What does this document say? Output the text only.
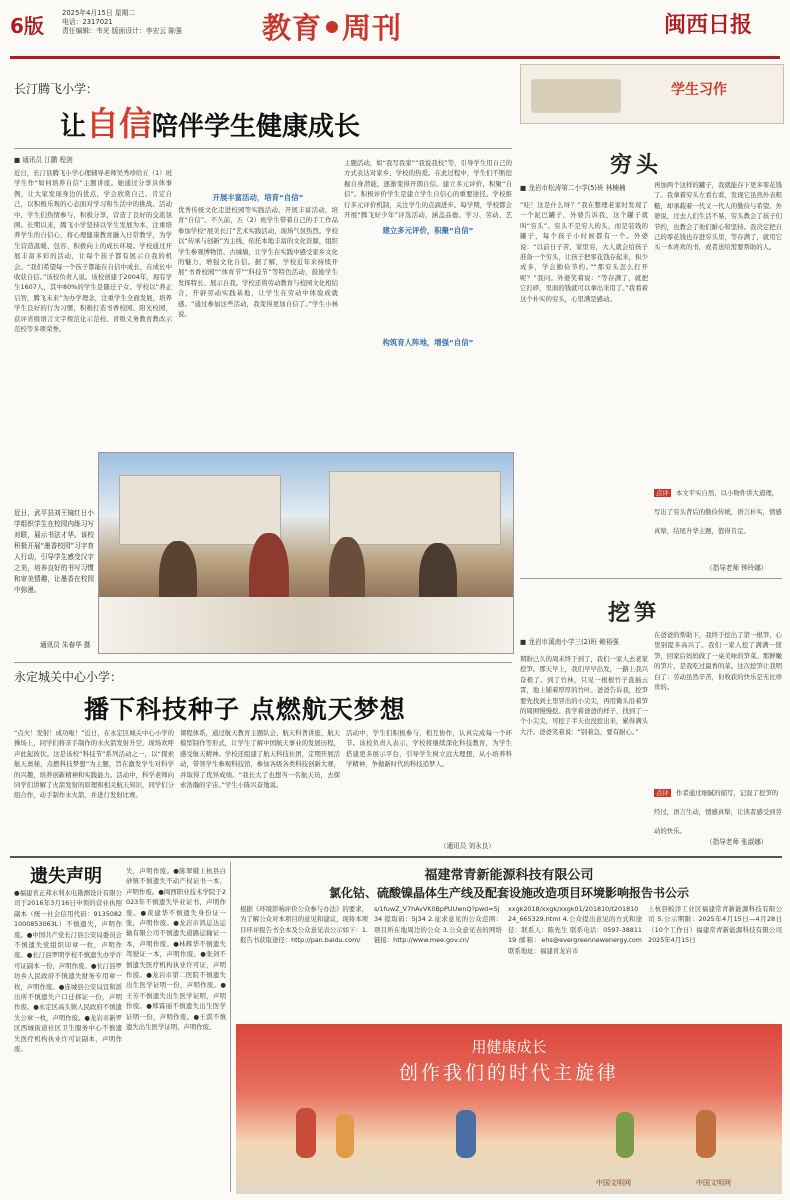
6版
2025年4月15日 星期二
电话：2317021
责任编辑：韦光 版面设计：李宏云 陈强	教育 周刊	闽西日报
长汀腾飞小学：
让自信陪伴学生健康成长
■ 通讯员 江鹏 程剑
近日，长汀县腾飞小学心理辅导老师吴秀珍给五（1）班学生作“如何培养自信”主题讲座。她通过分享具体事例，让大家发现身边的优点，学会欣赏自己、肯定自己，以积极乐观的心态面对学习和生活中的挑战。活动中，学生们热情参与，积极分享，营造了良好的交流氛围。长期以来，腾飞小学坚持以学生发展为本，注重培养学生的自信心，将心理健康教育融入日常教学，为学生营造温暖、包容、积极向上的成长环境。学校通过开展丰富多彩的活动，让每个孩子都有展示自我的机会。“我们希望每一个孩子都能在自信中成长，在成长中收获自信。”该校负责人说。该校创建于2004年，现有学生1607人，其中80%的学生是随迁子女。学校以“养正启智，腾飞未来”为办学理念，注重学生全面发展，培养学生良好的行为习惯，积极打造书香校园、阳光校园，获评省级语言文字规范化示范校、省级义务教育教改示范校等多项荣誉。
开展丰富活动，培育“自信”

优秀传统文化走进校园等实践活动，开展丰富活动，培育“自信”。不久前，五（2）班学生带着自己的手工作品参加学校“展美长汀”艺术实践活动，现场气氛热烈。学校以“传承与创新”为主线，依托本地丰富的文化资源，组织学生参观博物馆、古城墙，让学生在实践中感受家乡文化的魅力，增强文化自信。据了解，学校近年来持续开展“书香校园”“体育节”“科技节”等特色活动，鼓励学生发挥特长、展示自我。学校还将劳动教育与校园文化相结合，开辟劳动实践基地，让学生在劳动中体验成就感。“通过参加这些活动，我变得更加自信了。”学生小林说。
主题活动，如“我写我家”“我说我校”等，引导学生用自己的方式表达对家乡、学校的热爱。在此过程中，学生们不断挖掘自身潜能，逐渐变得开朗自信。建立多元评价，积聚“自信”。积极评价学生是建立学生自信心的重要途径。学校推行多元评价机制，关注学生的点滴进步。每学期，学校都会开展“腾飞好少年”评选活动，涵盖品德、学习、劳动、艺
建立多元评价，积聚“自信”
构筑育人阵地，增强“自信”
近日，武平县刘王镜红日小学组织学生在校园内练习写对联，展示书法才华。该校积极开展“墨香校园”习字育人行动，引导学生感受汉字之美，培养良好的书写习惯和审美情趣，让墨香在校园中弥漫。
通讯员 朱春华 摄
学生习作
穷头
■ 龙岩市松涛第二小学(5)班 林楠楠
“哇！这是什么呀？”我在整理老家时发现了一个泥巴罐子，外婆告诉我，这个罐子就叫“穷头”。穷头不是穷人的头，而是装钱的罐子，每个孩子小时候都有一个。外婆说：“以前日子苦，家里穷，大人就会给孩子准备一个穷头，让孩子把零花钱存起来，积少成多，学会勤俭节约。”“那穷头怎么打开呢？”我问。外婆笑着说：“等存满了，就把它打碎，里面的钱就可以拿出来用了。”我看着这个朴实的穷头，心里满是感动。
再加两个这样的罐子，我就能存下更多零花钱了。我拿着穷头左看右看，发现它虽然外表粗糙，却承载着一代又一代人的勤俭与希望。外婆说，过去人们生活不易，穷头教会了孩子们节约，也教会了他们耐心和坚持。我决定把自己的零花钱也存进穷头里，等存满了，就用它买一本喜欢的书，或者送给需要帮助的人。
点评 本文平实自然，以小物件讲大道理，写出了穷头背后的勤俭传统，语言朴实，情感真挚，结尾升华主题，值得肯定。
（指导老师 钟玲娜）
挖笋
■ 龙岩市溪南小学三(2)班 赖裕强
期盼已久的周末终于到了，我们一家人去老家挖笋。那天早上，我们早早出发，一路上我兴奋极了。到了竹林，只见一根根竹子直插云霄，地上铺着厚厚的竹叶。爸爸告诉我，挖笋要先找到土里冒出的小尖尖，再用锄头沿着笋的周围慢慢挖。我学着爸爸的样子，找到了一个小尖尖，可挖了半天也没挖出来，累得满头大汗。爸爸笑着说：“别着急，要有耐心。”
在爸爸的帮助下，我终于挖出了第一根笋，心里别提多高兴了。我们一家人挖了满满一筐笋，回家后妈妈做了一桌美味的笋菜。那鲜嫩的笋片，是我吃过最香的菜。这次挖笋让我明白了：劳动虽然辛苦，但收获的快乐是无比珍贵的。
点评 作者通过细腻的描写，记叙了挖笋的经过，语言生动，情感真挚，让读者感受到劳动的快乐。
（指导老师 张淑娜）
永定城关中心小学：
播下科技种子 点燃航天梦想
“点火！发射！成功啦！”近日，在永定区城关中心小学的操场上，同学们将亲手制作的水火箭发射升空，现场欢呼声此起彼伏。这是该校“科技节”系列活动之一，以“探索航天奥秘，点燃科技梦想”为主题，旨在激发学生对科学的兴趣，培养创新精神和实践能力。活动中，科学老师向同学们讲解了火箭发射的原理和相关航天知识，同学们分组合作，动手制作水火箭，并进行发射比赛。
课程体系，通过航天教育主题队会、航天科普讲座、航天模型制作等形式，让学生了解中国航天事业的发展历程，感受航天精神。学校还组建了航天科技社团，定期开展活动，带领学生参观科技馆，参加各级各类科技创新大赛，并取得了优异成绩。“我长大了也想当一名航天员，去探索浩瀚的宇宙。”学生小陈兴奋地说。
活动中，学生们积极参与，相互协作，认真完成每一个环节。该校负责人表示，学校将继续深化科技教育，为学生搭建更多展示平台，引导学生树立远大理想，从小培养科学精神，争做新时代的科技追梦人。
（通讯员 刘永良）
遗失声明
●福建省正邦水利水电勘测设计有限公司于2016年3月16日申领的营业执照副本（统一社会信用代码：91350821000853063L）不慎遗失，声明作废。●中国共产党长汀县公安局委员会不慎遗失党组织印章一枚，声明作废。●长汀县罗明学校不慎遗失办学许可证副本一份，声明作废。●长汀县罗坊乡人民政府不慎遗失财务专用章一枚，声明作废。●连城县公安局宣和派出所不慎遗失户口迁移证一份，声明作废。●永定区高头镇人民政府不慎遗失公章一枚，声明作废。●龙岩市新罗区西城街道社区卫生服务中心不慎遗失医疗机构执业许可证副本，声明作废。
失，声明作废。●陈翠娥上杭县白砂镇不慎遗失不动产权证书一本，声明作废。●闽西职业技术学院于2023年不慎遗失毕业证书，声明作废。●黄建华不慎遗失身份证一张，声明作废。●龙岩市鸿运达运输有限公司不慎遗失道路运输证一本，声明作废。●林辉华不慎遗失驾驶证一本，声明作废。●张剑不慎遗失医疗机构执业许可证，声明作废。●龙岩市第二医院不慎遗失出生医学证明一份，声明作废。●王芳不慎遗失出生医学证明，声明作废。●郑霖丽不慎遗失出生医学证明一份，声明作废。●王淇不慎遗失出生医学证明，声明作废。
福建常青新能源科技有限公司
氯化钴、硫酸镍晶体生产线及配套设施改造项目环境影响报告书公示
根据《环境影响评价公众参与办法》的要求，为了解公众对本项目的意见和建议，现将本项目环评报告书全本及公众意见表公示如下：1.报告书获取途径：http://pan.baidu.com/
s/1fuwZ_V7hAvVK0BpPUUwnQ?pwd=5j34 提取码：5j34 2.征求意见的公众范围：项目所在地周边的公众 3.公众意见表的网络链接：http://www.mee.gov.cn/
xxgk2018/xxgk/xxgk01/201810/t20181024_665329.html 4.公众提出意见的方式和途径：联系人：陈先生 联系电话：0597-3881119 邮箱：ehs@evergreennewenergy.com 联系地址：福建省龙岩市
上杭县蛟洋工业区福建常青新能源科技有限公司 5.公示期限：2025年4月15日—4月28日（10个工作日）福建常青新能源科技有限公司 2025年4月15日
用健康成长
创作我们的时代主旋律
中国文明网	中国文明网
